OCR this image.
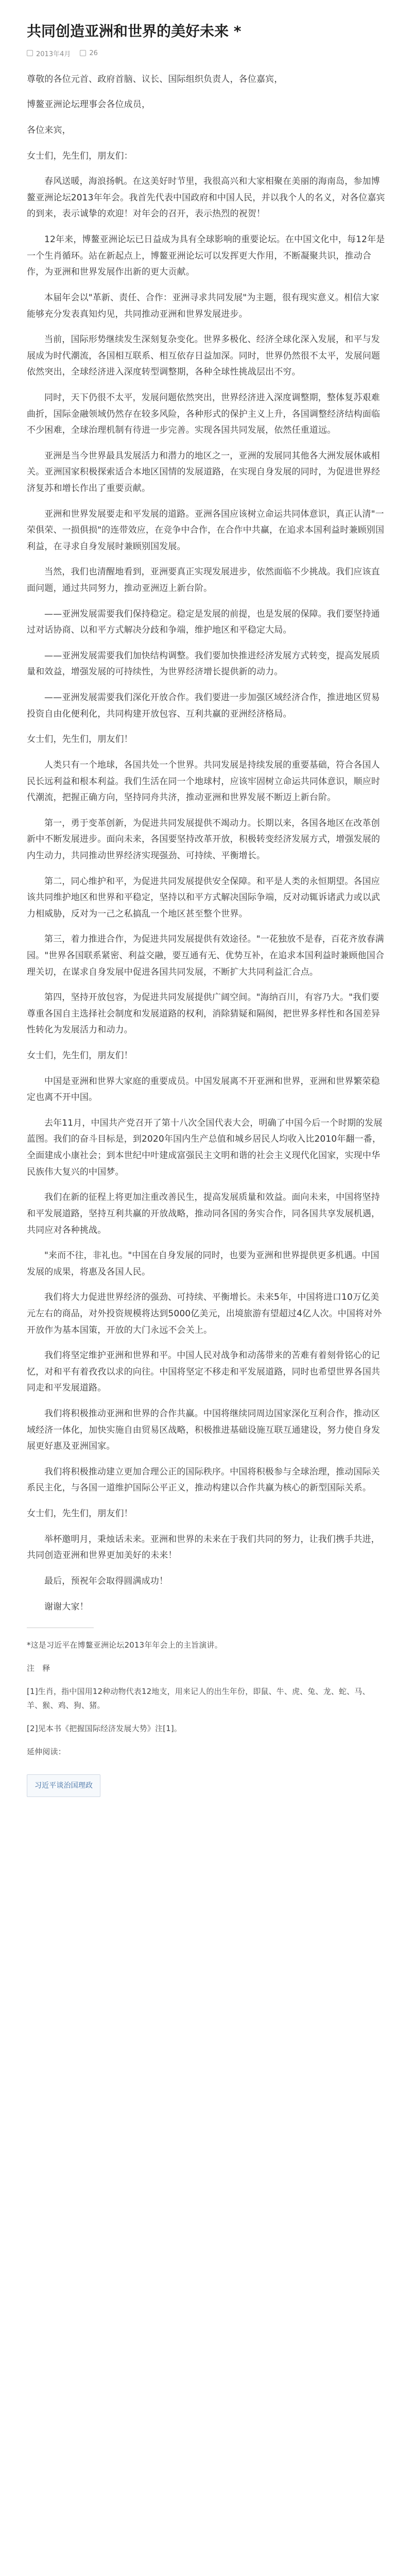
共同创造亚洲和世界的美好未来 *
2013年4月	26

尊敬的各位元首、政府首脑、议长、国际组织负责人，各位嘉宾，

博鳌亚洲论坛理事会各位成员，

各位来宾，

女士们，先生们，朋友们：

春风送暖，海浪扬帆。在这美好时节里，我很高兴和大家相聚在美丽的海南岛，参加博鳌亚洲论坛2013年年会。我首先代表中国政府和中国人民，并以我个人的名义，对各位嘉宾的到来，表示诚挚的欢迎！对年会的召开，表示热烈的祝贺！

12年来，博鳌亚洲论坛已日益成为具有全球影响的重要论坛。在中国文化中，每12年是一个生肖循环。站在新起点上，博鳌亚洲论坛可以发挥更大作用，不断凝聚共识，推动合作，为亚洲和世界发展作出新的更大贡献。

本届年会以"革新、责任、合作：亚洲寻求共同发展"为主题，很有现实意义。相信大家能够充分发表真知灼见，共同推动亚洲和世界发展进步。

当前，国际形势继续发生深刻复杂变化。世界多极化、经济全球化深入发展，和平与发展成为时代潮流，各国相互联系、相互依存日益加深。同时，世界仍然很不太平，发展问题依然突出，全球经济进入深度转型调整期，各种全球性挑战层出不穷。

同时，天下仍很不太平，发展问题依然突出，世界经济进入深度调整期，整体复苏艰难曲折，国际金融领域仍然存在较多风险，各种形式的保护主义上升，各国调整经济结构面临不少困难，全球治理机制有待进一步完善。实现各国共同发展，依然任重道远。

亚洲是当今世界最具发展活力和潜力的地区之一，亚洲的发展同其他各大洲发展休戚相关。亚洲国家积极探索适合本地区国情的发展道路，在实现自身发展的同时，为促进世界经济复苏和增长作出了重要贡献。

亚洲和世界发展要走和平发展的道路。亚洲各国应该树立命运共同体意识，真正认清"一荣俱荣、一损俱损"的连带效应，在竞争中合作，在合作中共赢，在追求本国利益时兼顾别国利益，在寻求自身发展时兼顾别国发展。

当然，我们也清醒地看到，亚洲要真正实现发展进步，依然面临不少挑战。我们应该直面问题，通过共同努力，推动亚洲迈上新台阶。

——亚洲发展需要我们保持稳定。稳定是发展的前提，也是发展的保障。我们要坚持通过对话协商、以和平方式解决分歧和争端，维护地区和平稳定大局。

——亚洲发展需要我们加快结构调整。我们要加快推进经济发展方式转变，提高发展质量和效益，增强发展的可持续性，为世界经济增长提供新的动力。

——亚洲发展需要我们深化开放合作。我们要进一步加强区域经济合作，推进地区贸易投资自由化便利化，共同构建开放包容、互利共赢的亚洲经济格局。

女士们，先生们，朋友们！

人类只有一个地球，各国共处一个世界。共同发展是持续发展的重要基础，符合各国人民长远利益和根本利益。我们生活在同一个地球村，应该牢固树立命运共同体意识，顺应时代潮流，把握正确方向，坚持同舟共济，推动亚洲和世界发展不断迈上新台阶。

第一，勇于变革创新，为促进共同发展提供不竭动力。长期以来，各国各地区在改革创新中不断发展进步。面向未来，各国要坚持改革开放，积极转变经济发展方式，增强发展的内生动力，共同推动世界经济实现强劲、可持续、平衡增长。

第二，同心维护和平，为促进共同发展提供安全保障。和平是人类的永恒期望。各国应该共同维护地区和世界和平稳定，坚持以和平方式解决国际争端，反对动辄诉诸武力或以武力相威胁，反对为一己之私搞乱一个地区甚至整个世界。

第三，着力推进合作，为促进共同发展提供有效途径。"一花独放不是春，百花齐放春满园。"世界各国联系紧密、利益交融，要互通有无、优势互补，在追求本国利益时兼顾他国合理关切，在谋求自身发展中促进各国共同发展，不断扩大共同利益汇合点。

第四，坚持开放包容，为促进共同发展提供广阔空间。"海纳百川，有容乃大。"我们要尊重各国自主选择社会制度和发展道路的权利，消除猜疑和隔阂，把世界多样性和各国差异性转化为发展活力和动力。

女士们，先生们，朋友们！

中国是亚洲和世界大家庭的重要成员。中国发展离不开亚洲和世界，亚洲和世界繁荣稳定也离不开中国。

去年11月，中国共产党召开了第十八次全国代表大会，明确了中国今后一个时期的发展蓝图。我们的奋斗目标是，到2020年国内生产总值和城乡居民人均收入比2010年翻一番，全面建成小康社会；到本世纪中叶建成富强民主文明和谐的社会主义现代化国家，实现中华民族伟大复兴的中国梦。

我们在新的征程上将更加注重改善民生，提高发展质量和效益。面向未来，中国将坚持和平发展道路，坚持互利共赢的开放战略，推动同各国的务实合作，同各国共享发展机遇，共同应对各种挑战。

"来而不往，非礼也。"中国在自身发展的同时，也要为亚洲和世界提供更多机遇。中国发展的成果，将惠及各国人民。

我们将大力促进世界经济的强劲、可持续、平衡增长。未来5年，中国将进口10万亿美元左右的商品，对外投资规模将达到5000亿美元，出境旅游有望超过4亿人次。中国将对外开放作为基本国策，开放的大门永远不会关上。

我们将坚定维护亚洲和世界和平。中国人民对战争和动荡带来的苦难有着刻骨铭心的记忆，对和平有着孜孜以求的向往。中国将坚定不移走和平发展道路，同时也希望世界各国共同走和平发展道路。

我们将积极推动亚洲和世界的合作共赢。中国将继续同周边国家深化互利合作，推动区域经济一体化，加快实施自由贸易区战略，积极推进基础设施互联互通建设，努力使自身发展更好惠及亚洲国家。

我们将积极推动建立更加合理公正的国际秩序。中国将积极参与全球治理，推动国际关系民主化，与各国一道维护国际公平正义，推动构建以合作共赢为核心的新型国际关系。

女士们，先生们，朋友们！

举杯邀明月，秉烛话未来。亚洲和世界的未来在于我们共同的努力，让我们携手共进，共同创造亚洲和世界更加美好的未来！

最后，预祝年会取得圆满成功！

谢谢大家！

*这是习近平在博鳌亚洲论坛2013年年会上的主旨演讲。

注　释

[1]生肖，指中国用12种动物代表12地支，用来记人的出生年份，即鼠、牛、虎、兔、龙、蛇、马、羊、猴、鸡、狗、猪。

[2]见本书《把握国际经济发展大势》注[1]。

延伸阅读：

习近平谈治国理政
